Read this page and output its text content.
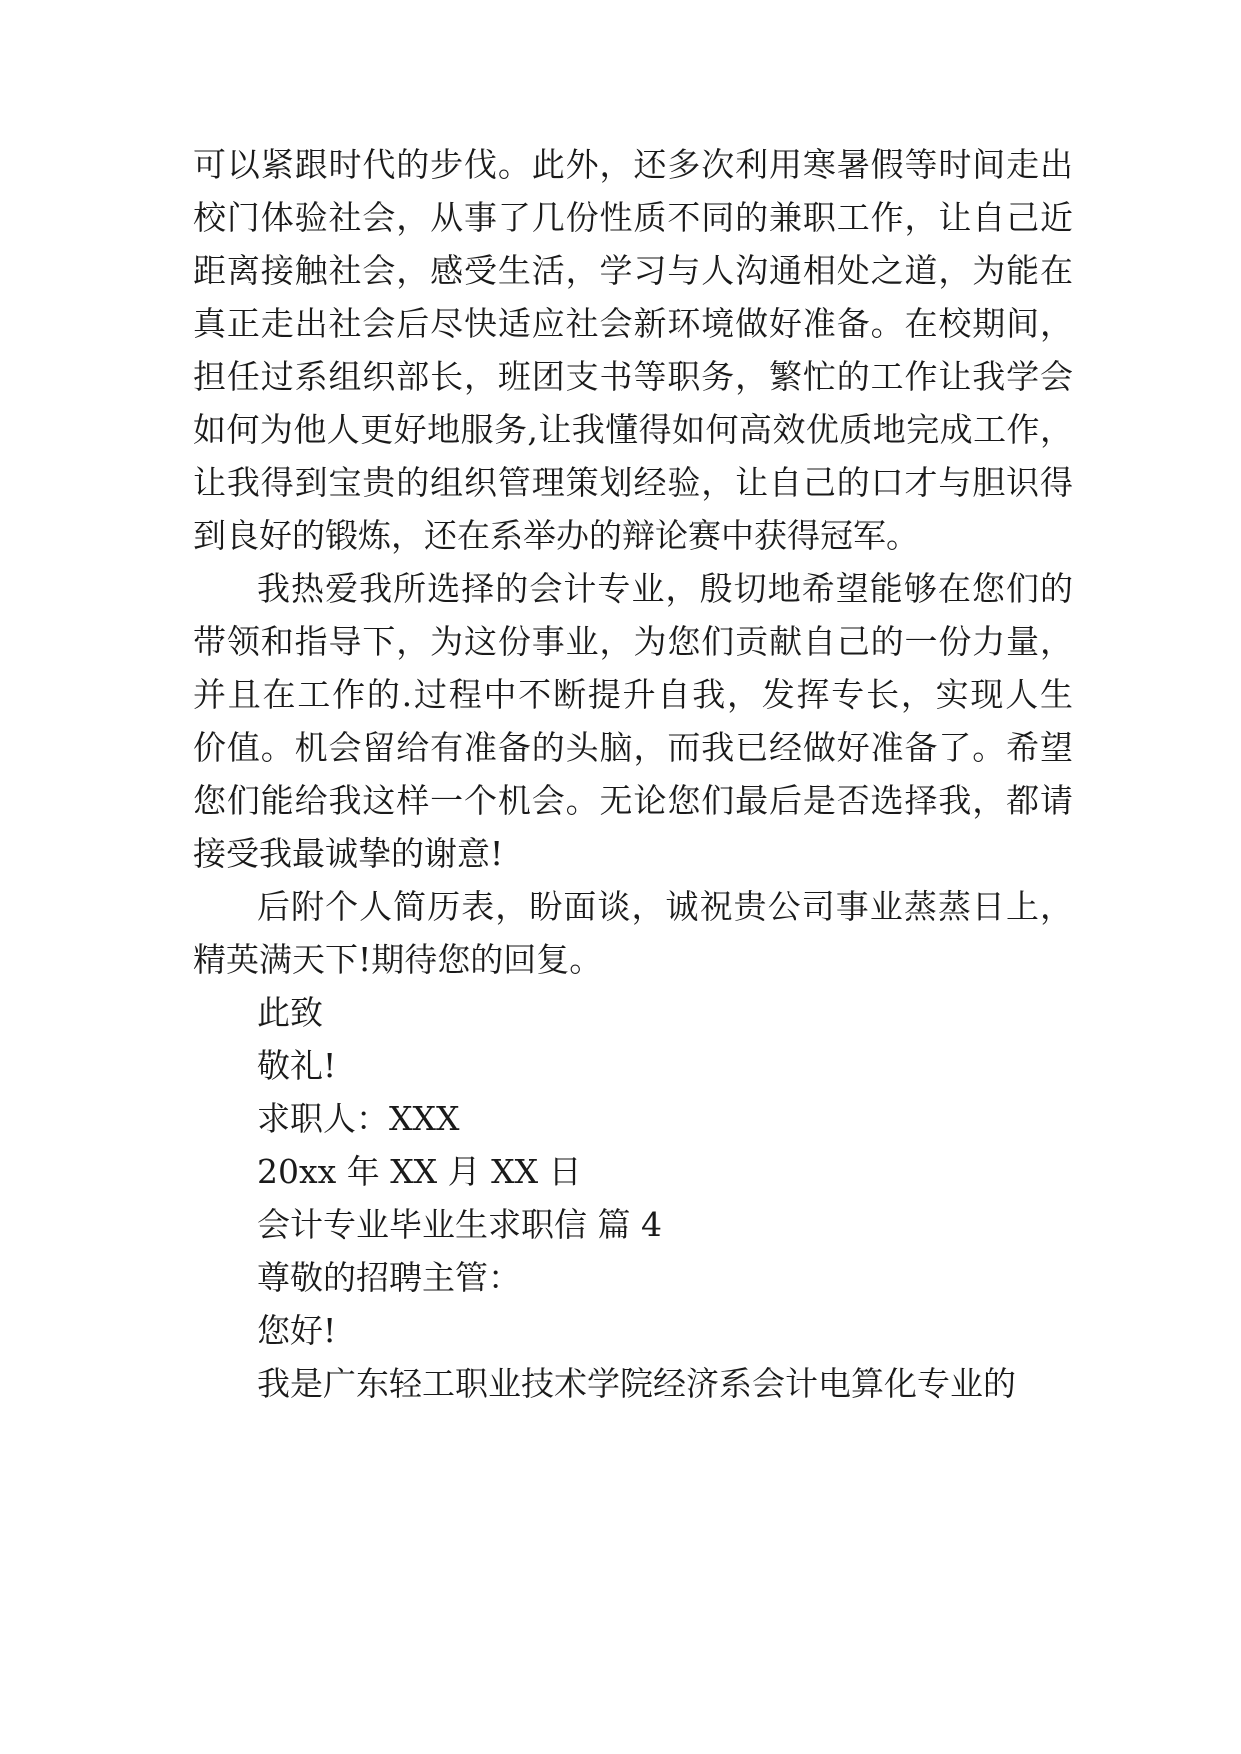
可以紧跟时代的步伐。此外，还多次利用寒暑假等时间走出
校门体验社会，从事了几份性质不同的兼职工作，让自己近
距离接触社会，感受生活，学习与人沟通相处之道，为能在
真正走出社会后尽快适应社会新环境做好准备。在校期间，
担任过系组织部长，班团支书等职务，繁忙的工作让我学会
如何为他人更好地服务,让我懂得如何高效优质地完成工作，
让我得到宝贵的组织管理策划经验，让自己的口才与胆识得
到良好的锻炼，还在系举办的辩论赛中获得冠军。
我热爱我所选择的会计专业，殷切地希望能够在您们的
带领和指导下，为这份事业，为您们贡献自己的一份力量，
并且在工作的.过程中不断提升自我，发挥专长，实现人生
价值。机会留给有准备的头脑，而我已经做好准备了。希望
您们能给我这样一个机会。无论您们最后是否选择我，都请
接受我最诚挚的谢意!
后附个人简历表，盼面谈，诚祝贵公司事业蒸蒸日上，
精英满天下!期待您的回复。
此致
敬礼!
求职人：XXX
20xx 年 XX 月 XX 日
会计专业毕业生求职信 篇 4
尊敬的招聘主管：
您好!
我是广东轻工职业技术学院经济系会计电算化专业的
